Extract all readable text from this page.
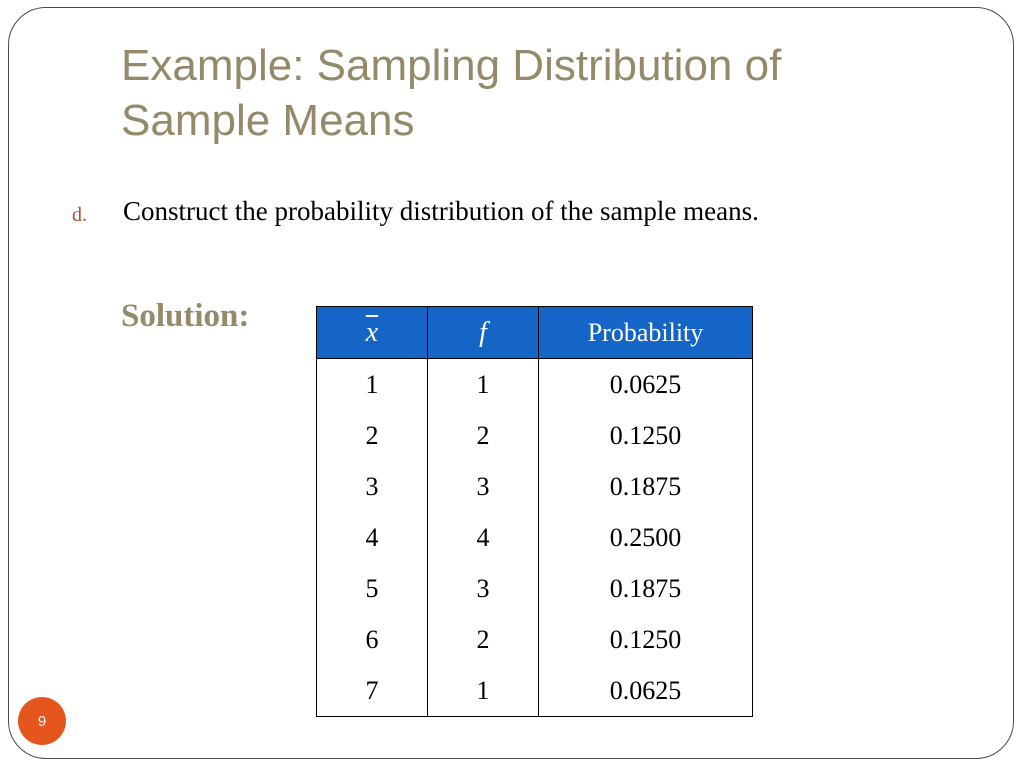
Example: Sampling Distribution of
Sample Means
d. Construct the probability distribution of the sample means.
Solution:	$\overline{x}$	f	Probability
1	1	0.0625
2	2	0.1250
3	3	0.1875
4	4	0.2500
5	3	0.1875
6	2	0.1250
7	1	0.0625
9
